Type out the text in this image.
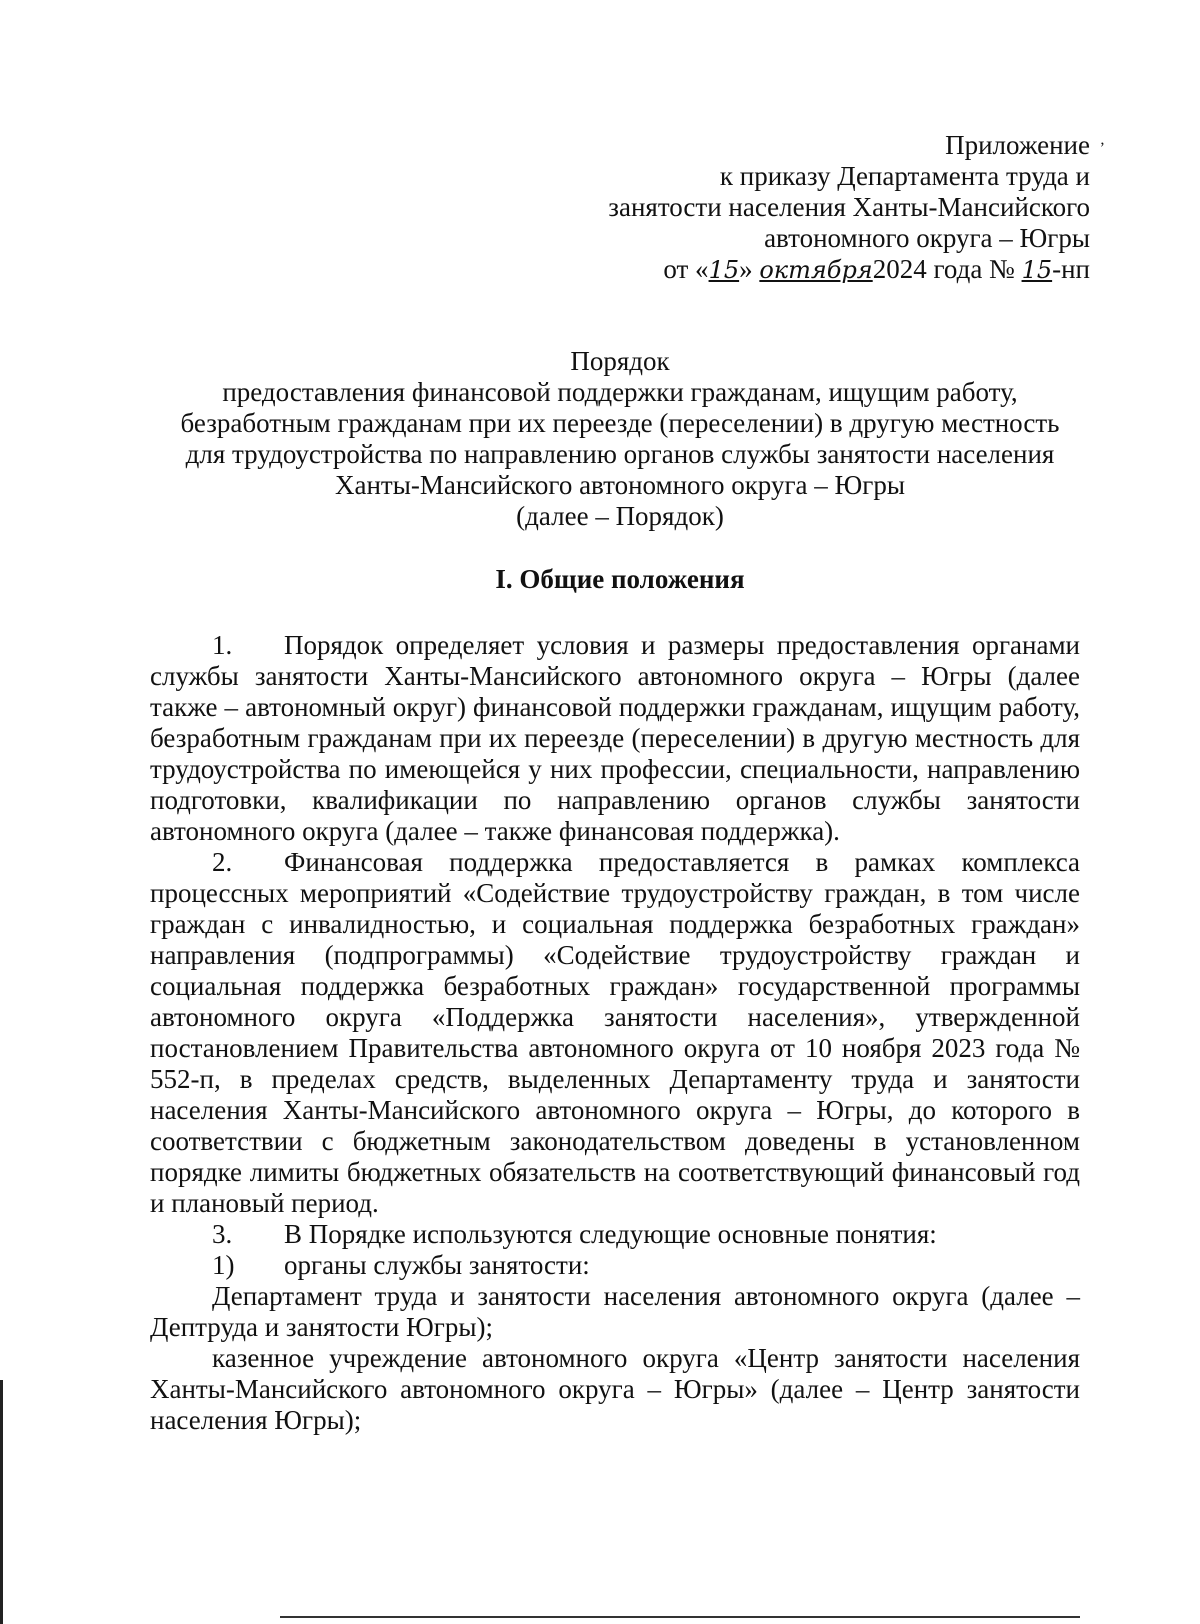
ʼ
Приложение
к приказу Департамента труда и
занятости населения Ханты-Мансийского
автономного округа – Югры
от «15» октября2024 года № 15-нп
Порядок
предоставления финансовой поддержки гражданам, ищущим работу,
безработным гражданам при их переезде (переселении) в другую местность
для трудоустройства по направлению органов службы занятости населения
Ханты-Мансийского автономного округа – Югры
(далее – Порядок)
I. Общие положения

1. Порядок определяет условия и размеры предоставления органами службы занятости Ханты-Мансийского автономного округа – Югры (далее также – автономный округ) финансовой поддержки гражданам, ищущим работу, безработным гражданам при их переезде (переселении) в другую местность для трудоустройства по имеющейся у них профессии, специальности, направлению подготовки, квалификации по направлению органов службы занятости автономного округа (далее – также финансовая поддержка).

2. Финансовая поддержка предоставляется в рамках комплекса процессных мероприятий «Содействие трудоустройству граждан, в том числе граждан с инвалидностью, и социальная поддержка безработных граждан» направления (подпрограммы) «Содействие трудоустройству граждан и социальная поддержка безработных граждан» государственной программы автономного округа «Поддержка занятости населения», утвержденной постановлением Правительства автономного округа от 10 ноября 2023 года № 552-п, в пределах средств, выделенных Департаменту труда и занятости населения Ханты-Мансийского автономного округа – Югры, до которого в соответствии с бюджетным законодательством доведены в установленном порядке лимиты бюджетных обязательств на соответствующий финансовый год и плановый период.

3. В Порядке используются следующие основные понятия:

1) органы службы занятости:

Департамент труда и занятости населения автономного округа (далее – Дептруда и занятости Югры);

казенное учреждение автономного округа «Центр занятости населения Ханты-Мансийского автономного округа – Югры» (далее – Центр занятости населения Югры);
